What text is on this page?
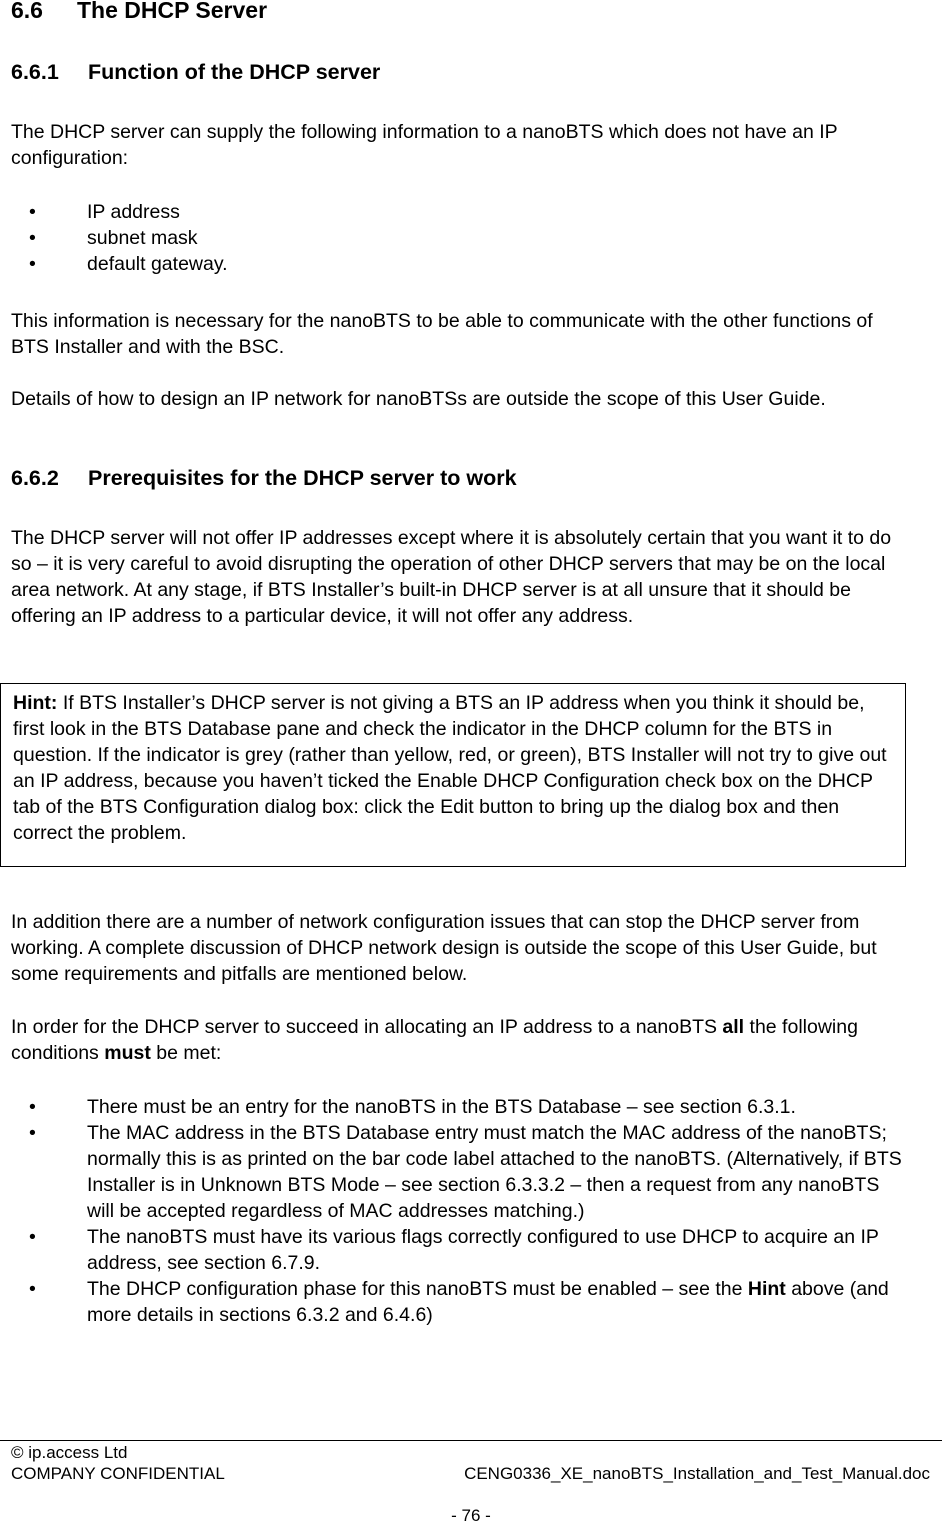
6.6 The DHCP Server
6.6.1 Function of the DHCP server
The DHCP server can supply the following information to a nanoBTS which does not have an IP configuration:
•	IP address
•	subnet mask
•	default gateway.
This information is necessary for the nanoBTS to be able to communicate with the other functions of BTS Installer and with the BSC.
Details of how to design an IP network for nanoBTSs are outside the scope of this User Guide.
6.6.2 Prerequisites for the DHCP server to work
The DHCP server will not offer IP addresses except where it is absolutely certain that you want it to do so – it is very careful to avoid disrupting the operation of other DHCP servers that may be on the local area network. At any stage, if BTS Installer’s built-in DHCP server is at all unsure that it should be offering an IP address to a particular device, it will not offer any address.
Hint: If BTS Installer’s DHCP server is not giving a BTS an IP address when you think it should be, first look in the BTS Database pane and check the indicator in the DHCP column for the BTS in question. If the indicator is grey (rather than yellow, red, or green), BTS Installer will not try to give out an IP address, because you haven’t ticked the Enable DHCP Configuration check box on the DHCP tab of the BTS Configuration dialog box: click the Edit button to bring up the dialog box and then correct the problem.
In addition there are a number of network configuration issues that can stop the DHCP server from working. A complete discussion of DHCP network design is outside the scope of this User Guide, but some requirements and pitfalls are mentioned below.
In order for the DHCP server to succeed in allocating an IP address to a nanoBTS all the following conditions must be met:
•	There must be an entry for the nanoBTS in the BTS Database – see section 6.3.1.
•	The MAC address in the BTS Database entry must match the MAC address of the nanoBTS; normally this is as printed on the bar code label attached to the nanoBTS. (Alternatively, if BTS Installer is in Unknown BTS Mode – see section 6.3.3.2 – then a request from any nanoBTS will be accepted regardless of MAC addresses matching.)
•	The nanoBTS must have its various flags correctly configured to use DHCP to acquire an IP address, see section 6.7.9.
•	The DHCP configuration phase for this nanoBTS must be enabled – see the Hint above (and more details in sections 6.3.2 and 6.4.6)
© ip.access Ltd
COMPANY CONFIDENTIAL	CENG0336_XE_nanoBTS_Installation_and_Test_Manual.doc
- 76 -
